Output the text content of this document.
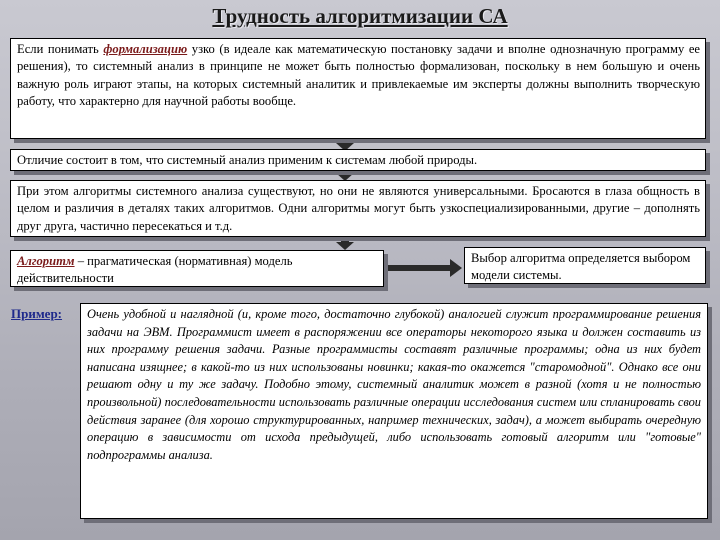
Трудность алгоритмизации СА

Если понимать формализацию узко (в идеале как математическую постановку задачи и вполне однозначную программу ее решения), то системный анализ в принципе не может быть полностью формализован, поскольку в нем большую и очень важную роль играют этапы, на которых системный аналитик и привлекаемые им эксперты должны выполнить творческую работу, что характерно для научной работы вообще.

Отличие состоит в том, что системный анализ применим к системам любой природы.

При этом алгоритмы системного анализа существуют, но они не являются универсальными. Бросаются в глаза общность в целом и различия в деталях таких алгоритмов. Одни алгоритмы могут быть узкоспециализированными, другие – дополнять друг друга, частично пересекаться и т.д.

Алгоритм – прагматическая (нормативная) модель действительности

Выбор алгоритма определяется выбором модели системы.

Пример: Очень удобной и наглядной (и, кроме того, достаточно глубокой) аналогией служит программирование решения задачи на ЭВМ. Программист имеет в распоряжении все операторы некоторого языка и должен составить из них программу решения задачи. Разные программисты составят различные программы; одна из них будет написана изящнее; в какой-то из них использованы новинки; какая-то окажется "старомодной". Однако все они решают одну и ту же задачу. Подобно этому, системный аналитик может в разной (хотя и не полностью произвольной) последовательности использовать различные операции исследования систем или спланировать свои действия заранее (для хорошо структурированных, например технических, задач), а может выбирать очередную операцию в зависимости от исхода предыдущей, либо использовать готовый алгоритм или "готовые" подпрограммы анализа.
